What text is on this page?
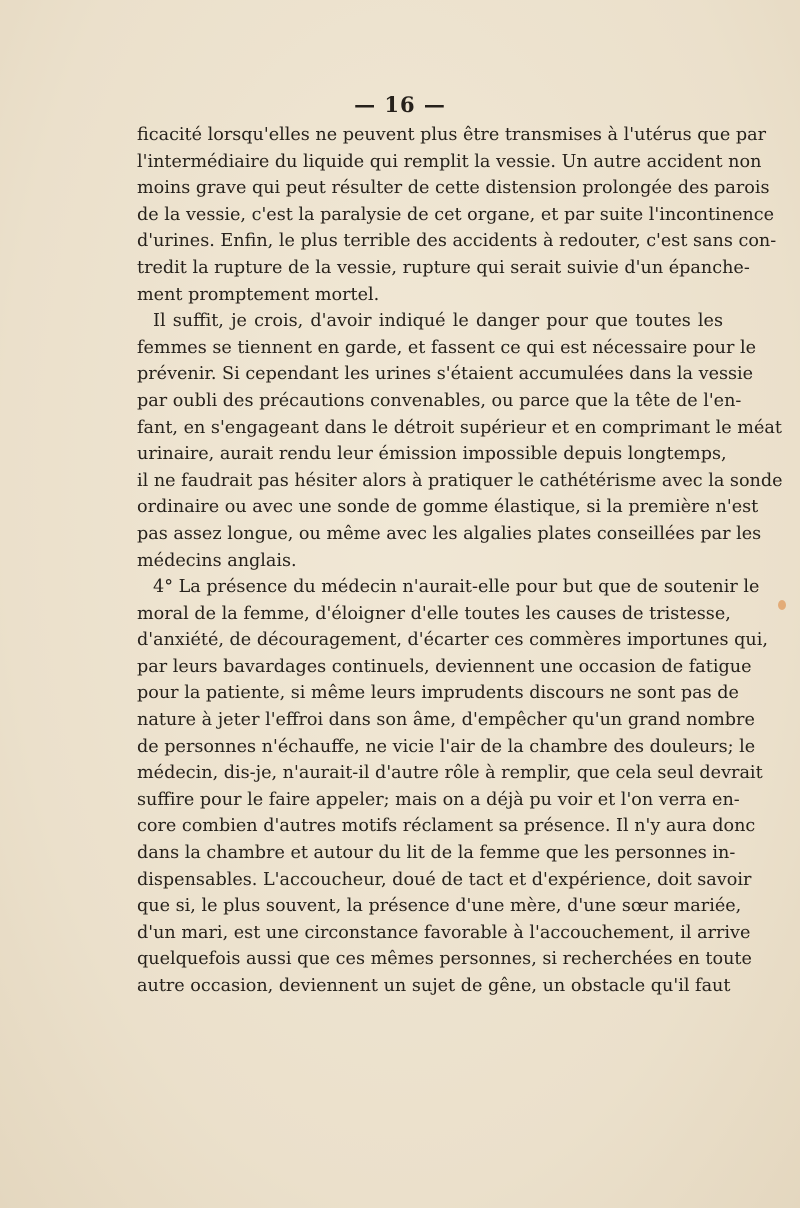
— 16 —
ficacité lorsqu'elles ne peuvent plus être transmises à l'utérus que par
l'intermédiaire du liquide qui remplit la vessie. Un autre accident non
moins grave qui peut résulter de cette distension prolongée des parois
de la vessie, c'est la paralysie de cet organe, et par suite l'incontinence
d'urines. Enfin, le plus terrible des accidents à redouter, c'est sans con-
tredit la rupture de la vessie, rupture qui serait suivie d'un épanche-
ment promptement mortel.
Il suffit, je crois, d'avoir indiqué le danger pour que toutes les
femmes se tiennent en garde, et fassent ce qui est nécessaire pour le
prévenir. Si cependant les urines s'étaient accumulées dans la vessie
par oubli des précautions convenables, ou parce que la tête de l'en-
fant, en s'engageant dans le détroit supérieur et en comprimant le méat
urinaire, aurait rendu leur émission impossible depuis longtemps,
il ne faudrait pas hésiter alors à pratiquer le cathétérisme avec la sonde
ordinaire ou avec une sonde de gomme élastique, si la première n'est
pas assez longue, ou même avec les algalies plates conseillées par les
médecins anglais.
4° La présence du médecin n'aurait-elle pour but que de soutenir le
moral de la femme, d'éloigner d'elle toutes les causes de tristesse,
d'anxiété, de découragement, d'écarter ces commères importunes qui,
par leurs bavardages continuels, deviennent une occasion de fatigue
pour la patiente, si même leurs imprudents discours ne sont pas de
nature à jeter l'effroi dans son âme, d'empêcher qu'un grand nombre
de personnes n'échauffe, ne vicie l'air de la chambre des douleurs; le
médecin, dis-je, n'aurait-il d'autre rôle à remplir, que cela seul devrait
suffire pour le faire appeler; mais on a déjà pu voir et l'on verra en-
core combien d'autres motifs réclament sa présence. Il n'y aura donc
dans la chambre et autour du lit de la femme que les personnes in-
dispensables. L'accoucheur, doué de tact et d'expérience, doit savoir
que si, le plus souvent, la présence d'une mère, d'une sœur mariée,
d'un mari, est une circonstance favorable à l'accouchement, il arrive
quelquefois aussi que ces mêmes personnes, si recherchées en toute
autre occasion, deviennent un sujet de gêne, un obstacle qu'il faut
